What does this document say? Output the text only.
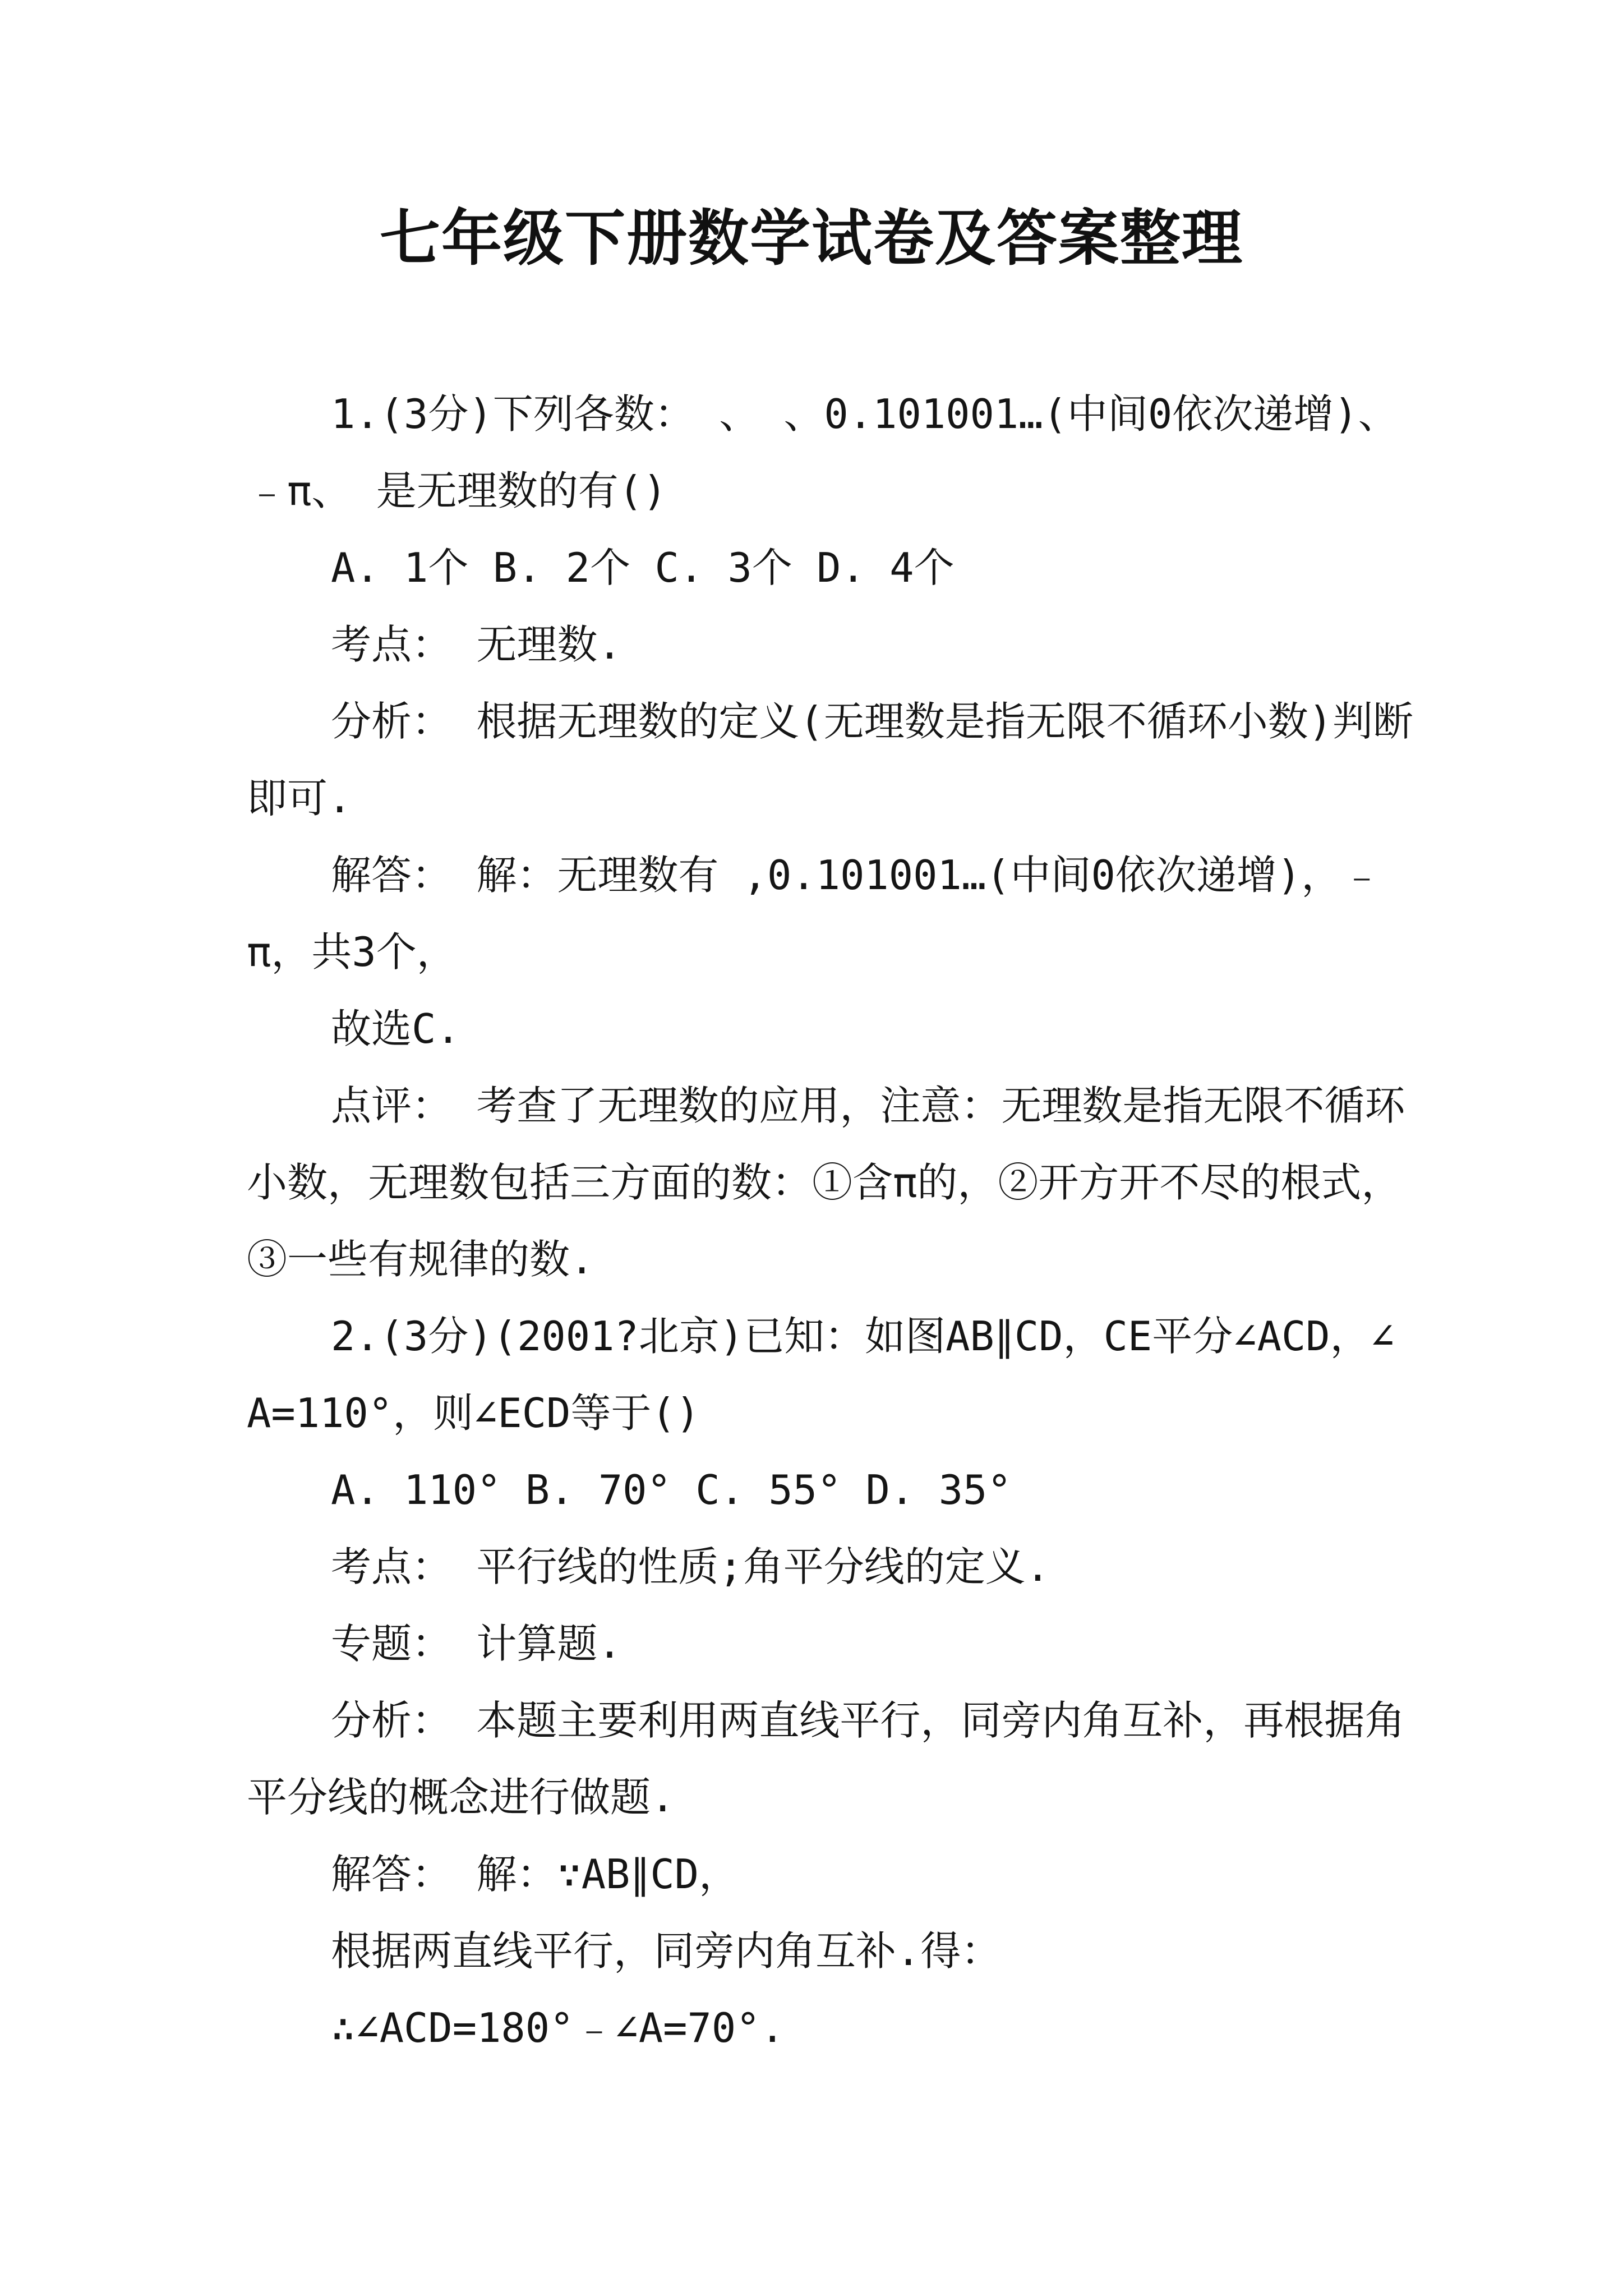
七年级下册数学试卷及答案整理

1.(3分)下列各数： 、 、0.101001…(中间0依次递增)、﹣π、 是无理数的有()

A. 1个 B. 2个 C. 3个 D. 4个

考点： 无理数.

分析： 根据无理数的定义(无理数是指无限不循环小数)判断即可.

解答： 解：无理数有 ,0.101001…(中间0依次递增)，﹣π，共3个，

故选C.

点评： 考查了无理数的应用，注意：无理数是指无限不循环小数，无理数包括三方面的数：①含π的，②开方开不尽的根式，③一些有规律的数.

2.(3分)(2001?北京)已知：如图AB∥CD，CE平分∠ACD，∠A=110°，则∠ECD等于()

A. 110° B. 70° C. 55° D. 35°

考点： 平行线的性质;角平分线的定义.

专题： 计算题.

分析： 本题主要利用两直线平行，同旁内角互补，再根据角平分线的概念进行做题.

解答： 解：∵AB∥CD，

根据两直线平行，同旁内角互补.得：

∴∠ACD=180°﹣∠A=70°.
